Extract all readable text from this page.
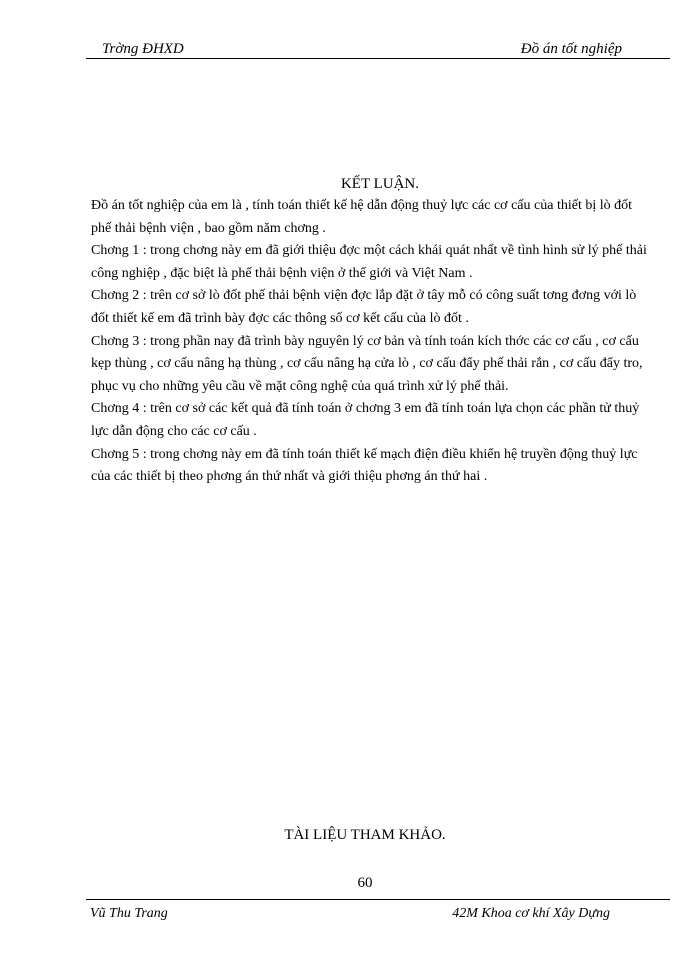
Trờng ĐHXD	Đồ án tốt nghiệp
KẾT LUẬN.

Đồ án tốt nghiệp của em là , tính toán thiết kế hệ dẫn động thuỷ lực các cơ cấu của thiết bị lò đốt phế thải bệnh viện , bao gồm năm chơng .

Chơng 1 : trong chơng này em đã giới thiệu đợc một cách khái quát nhất về tình hình sử lý phế thải công nghiệp , đặc biệt là phế thải bệnh viện ở thế giới và Việt Nam .

Chơng 2 : trên cơ sở lò đốt phế thải bệnh viện đợc lắp đặt ở tây mỗ có công suất tơng đơng với lò đốt thiết kế em đã trình bày đợc các thông số cơ kết cấu của lò đốt .

Chơng 3 : trong phần nay đã trình bày nguyên lý cơ bản và tính toán kích thớc các cơ cấu , cơ cấu kẹp thùng , cơ cấu nâng hạ thùng , cơ cấu nâng hạ cửa lò , cơ cấu đẩy phế thải rắn , cơ cấu đẩy tro, phục vụ cho những yêu cầu về mặt công nghệ của quá trình xử lý phế thải.

Chơng 4 : trên cơ sở các kết quả đã tính toán ở chơng 3 em đã tính toán lựa chọn các phần tử thuỷ lực dẫn động cho các cơ cấu .

Chơng 5 : trong chơng này em đã tính toán thiết kế mạch điện điều khiển hệ truyền động thuỷ lực của các thiết bị theo phơng án thứ nhất và giới thiệu phơng án thứ hai .

TÀI LIỆU THAM KHẢO.
60
Vũ Thu Trang	42M Khoa cơ khí Xây Dựng
